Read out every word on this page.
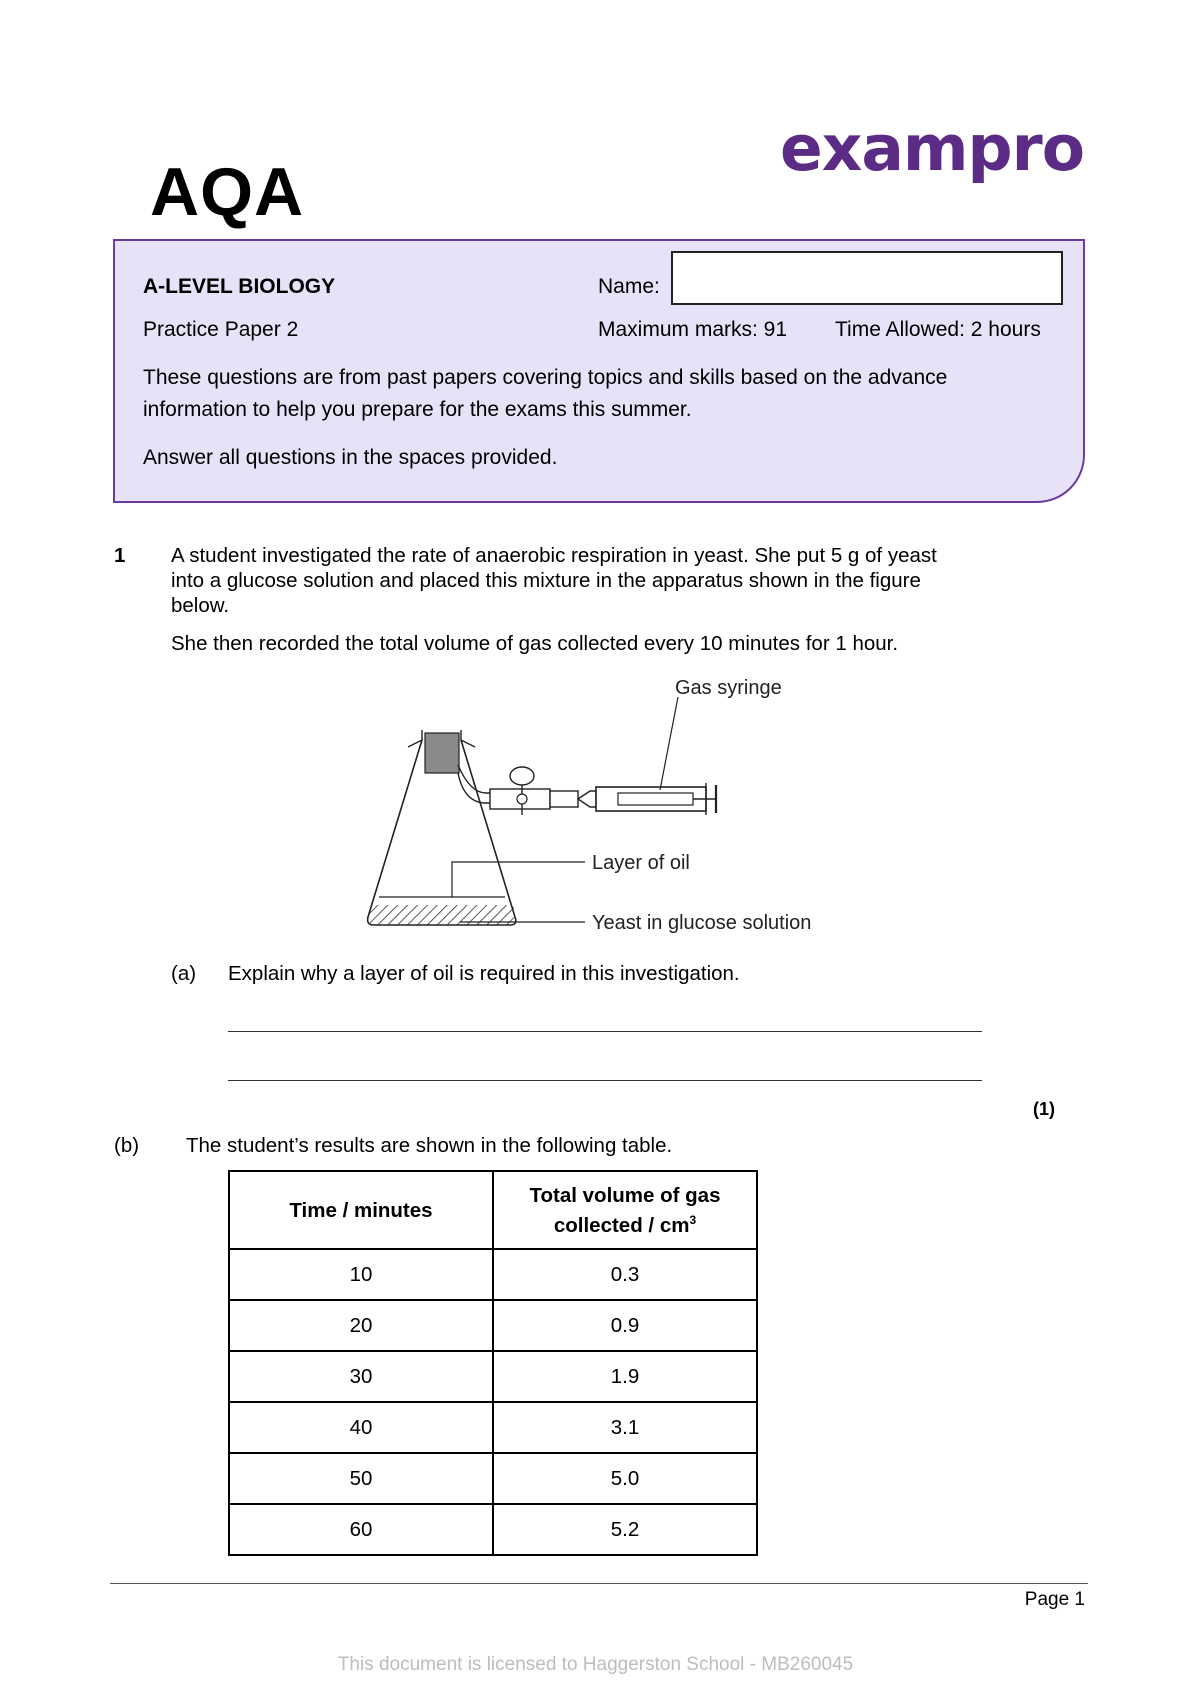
exampro
AQA
A-LEVEL BIOLOGY
Practice Paper 2
Name:
Maximum marks: 91 Time Allowed: 2 hours
These questions are from past papers covering topics and skills based on the advance
information to help you prepare for the exams this summer.
Answer all questions in the spaces provided.
1 A student investigated the rate of anaerobic respiration in yeast. She put 5 g of yeast
into a glucose solution and placed this mixture in the apparatus shown in the figure
below.
She then recorded the total volume of gas collected every 10 minutes for 1 hour.
Gas syringe
Layer of oil
Yeast in glucose solution
(a) Explain why a layer of oil is required in this investigation.
(1)
(b) The student’s results are shown in the following table.
Time / minutes	Total volume of gas
collected / $cm^3$
10	0.3
20	0.9
30	1.9
40	3.1
50	5.0
60	5.2
Page 1
This document is licensed to Haggerston School - MB260045
